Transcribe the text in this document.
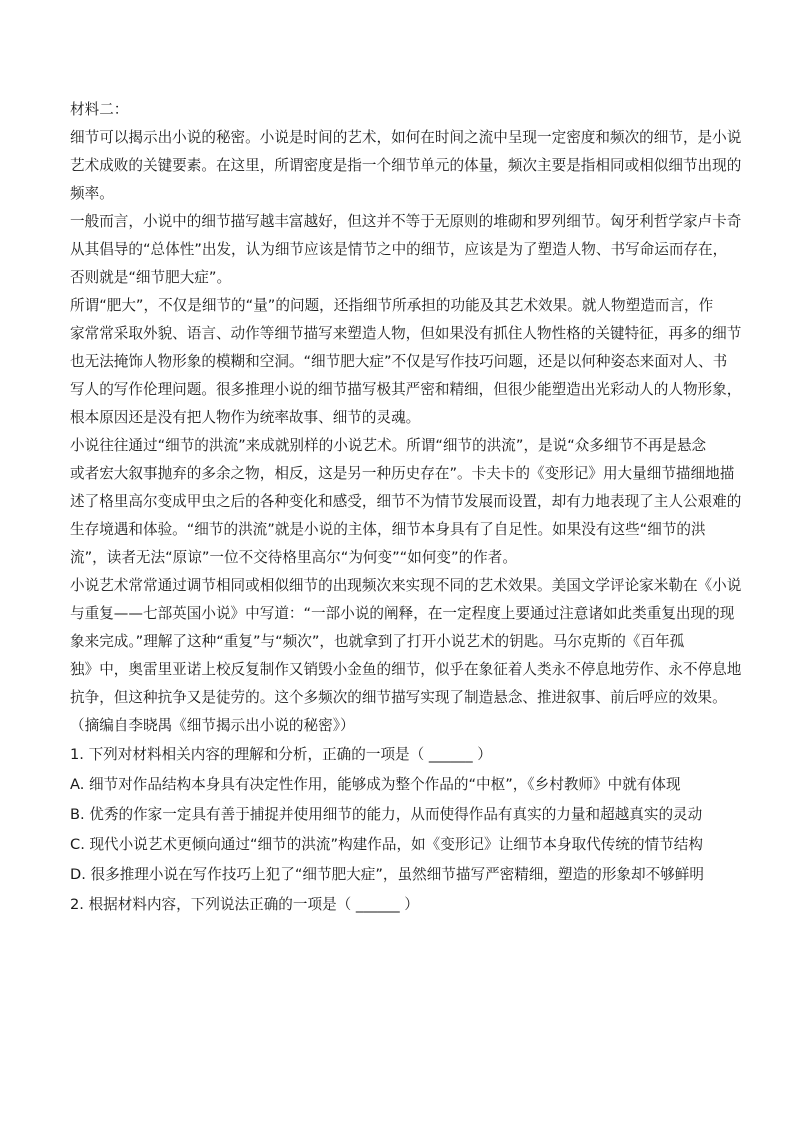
材料二：
细节可以揭示出小说的秘密。小说是时间的艺术，如何在时间之流中呈现一定密度和频次的细节，是小说
艺术成败的关键要素。在这里，所谓密度是指一个细节单元的体量，频次主要是指相同或相似细节出现的
频率。
一般而言，小说中的细节描写越丰富越好，但这并不等于无原则的堆砌和罗列细节。匈牙利哲学家卢卡奇
从其倡导的“总体性”出发，认为细节应该是情节之中的细节，应该是为了塑造人物、书写命运而存在，
否则就是“细节肥大症”。
所谓“肥大”，不仅是细节的“量”的问题，还指细节所承担的功能及其艺术效果。就人物塑造而言，作
家常常采取外貌、语言、动作等细节描写来塑造人物，但如果没有抓住人物性格的关键特征，再多的细节
也无法掩饰人物形象的模糊和空洞。“细节肥大症”不仅是写作技巧问题，还是以何种姿态来面对人、书
写人的写作伦理问题。很多推理小说的细节描写极其严密和精细，但很少能塑造出光彩动人的人物形象，
根本原因还是没有把人物作为统率故事、细节的灵魂。
小说往往通过“细节的洪流”来成就别样的小说艺术。所谓“细节的洪流”，是说“众多细节不再是悬念
或者宏大叙事抛弃的多余之物，相反，这是另一种历史存在”。卡夫卡的《变形记》用大量细节描细地描
述了格里高尔变成甲虫之后的各种变化和感受，细节不为情节发展而设置，却有力地表现了主人公艰难的
生存境遇和体验。“细节的洪流”就是小说的主体，细节本身具有了自足性。如果没有这些“细节的洪
流”，读者无法“原谅”一位不交待格里高尔“为何变”“如何变”的作者。
小说艺术常常通过调节相同或相似细节的出现频次来实现不同的艺术效果。美国文学评论家米勒在《小说
与重复——七部英国小说》中写道：“一部小说的阐释，在一定程度上要通过注意诸如此类重复出现的现
象来完成。”理解了这种“重复”与“频次”，也就拿到了打开小说艺术的钥匙。马尔克斯的《百年孤
独》中，奥雷里亚诺上校反复制作又销毁小金鱼的细节，似乎在象征着人类永不停息地劳作、永不停息地
抗争，但这种抗争又是徒劳的。这个多频次的细节描写实现了制造悬念、推进叙事、前后呼应的效果。
（摘编自李晓禺《细节揭示出小说的秘密》）
1. 下列对材料相关内容的理解和分析，正确的一项是（ ______ ）
A. 细节对作品结构本身具有决定性作用，能够成为整个作品的“中枢”，《乡村教师》中就有体现
B. 优秀的作家一定具有善于捕捉并使用细节的能力，从而使得作品有真实的力量和超越真实的灵动
C. 现代小说艺术更倾向通过“细节的洪流”构建作品，如《变形记》让细节本身取代传统的情节结构
D. 很多推理小说在写作技巧上犯了“细节肥大症”，虽然细节描写严密精细，塑造的形象却不够鲜明
2. 根据材料内容，下列说法正确的一项是（ ______ ）
